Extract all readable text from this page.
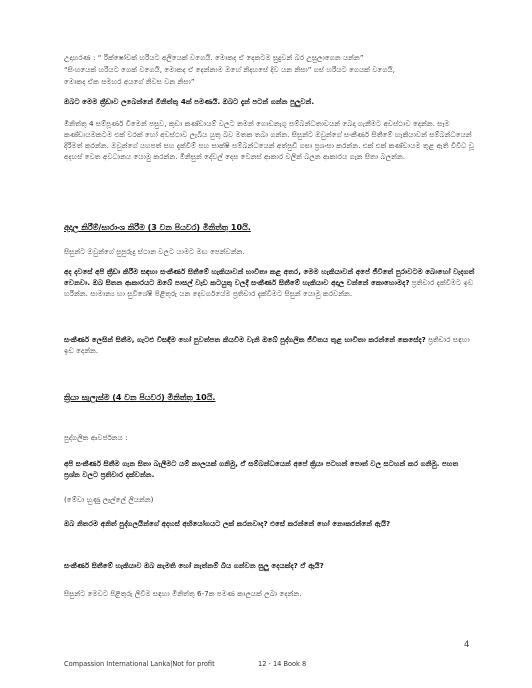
උදාහරණ : “ රික්ෂෝවක් හරියට අලියෙක් වගෙයි. මොකද ඒ දෙකටම සුදුවන් බර උසුලාගෙන යන්න”
“සිංහයෙක් හරියට ගෙක් වගෙයි, මොකද ඒ දෙන්නාම ඔහේ නිදහසේ දිව යන නිසා” ගස් හරියට ගෙයක් වගෙයි,
මොකද ඒක සමහර අයගේ නිවස වන නිසා”
ඔබට මෙම ක්‍රීඩාව ලබෙන්නේ මිනිත්තු 4ක් පමණයි. ඔබට දැන් පටන් ගන්න පුලුවන්.
මිනිත්තු 4 සම්පූර්ණ වීමෙන් පසුව, කුඩා කණ්ඩායම් වලට තමන් ගොඩනැගූ සම්බන්ධතාවයන් බෙදා ගැනීමට අවස්ථාව දෙන්න. සෑම කණ්ඩායමකටම එක් වරක් හෝ අවස්ථාව ලැබීය යුතු බව මතක තබා ගන්න. සිසුන්ට ඔවුන්ගේ සංකීර්ණ සිතීමේ හැකියාවන් සම්බන්ධයෙන් දිරිමත් කරන්න. ඔවුන්ගේ යහපත් සහ දැක්වීම් සහ සාක්ෂි සම්බන්ධයෙන් අත්පුඩි ගසා ප්‍රශංසා කරන්න. එක් එක් කණ්ඩායම තුළ ඇති විවිධ වූ අදහස් වෙත අවධානය යොමු කරන්න. මිනිසුන් දේවල් දෙස වෙනස් ආකාර වලින් බලන ආකාරය ගැන සිතා බලන්න.
අදාල කිරීම්/සාරාංශ කිරීම (3 වන පියවර) මිනිත්තු 10යි.
සිසුන්ට ඔවුන්ගේ සුපුරුදු ස්ථාන වලට යාමට මඟ පෙන්වන්න.
අද දවසේ අපි ක්‍රීඩා කිරීම සඳහා සංකීර්ණ සිතීමේ හැකියාවන් භාවිතා කළ අතර, මෙම හැකියාවන් අපේ ජීවිතේ පුරාවටම බොහෝ වැදගත් වෙනවා. ඔබ සිතන ආකාරයට ඔබේ පාසල් වැඩ කටයුතු වලදී සංකීර්ණ සිතීමේ හැකියාව අදාල වන්නේ කොහොමද? ප්‍රතිචාර දැක්වීමට ඉඩ හරින්න. සාමාන්‍ය හා සුවිශේෂී පිළිතුරු යන දෙවර්ගයේම ප්‍රතිචාර දැක්වීමට සිසුන් යොමු කරවන්න.
සංකීර්ණ ලෙසින් සිතීම, ගැටළු විසඳීම හෝ පුවත්පත කියවීම වැනි ඔබේ පුද්ගලික ජීවිතය තුළ භාවිතා කරන්නේ කෙසේද? ප්‍රතිචාර සඳහා ඉඩ දෙන්න.
ක්‍රියා සැලැස්ම (4 වන පියවර) මිනිත්තු 10යි.
පුද්ගලික ආවර්ජනය :
අපි සංකීර්ණ සිතීම ගැන සිතා බැලීමට යම් කාලයක් ගනිමු, ඒ සම්බන්ධයෙන් අපේ ක්‍රියා පටහන් පොත් වල සටහන් කර ගනිමු. පහත ප්‍රශ්න වලට ප්‍රතිචාර දක්වන්න.
(මේවා හුණු ලෑල්ලේ ලියන්න)
ඔබ නිතරම අනිත් පුද්ගලයින්ගේ අදහස් අභියෝගයට ලක් කරනවාද? එසේ කරන්නේ හෝ නොකරන්නේ ඇයි?
සංකීර්ණ සිතීමේ හැකියාව ඔබ කැමති හෝ නැත්නම් බිය ගන්වන සුලු දෙයක්ද? ඒ ඇයි?
සිසුන්ට මෙවට පිළිතුරු ලිවීම සඳහා මිනිත්තු 6-7ක පමණ කාලයක් ලබා දෙන්න.
4
Compassion International Lanka|Not for profit	12 - 14 Book 8
